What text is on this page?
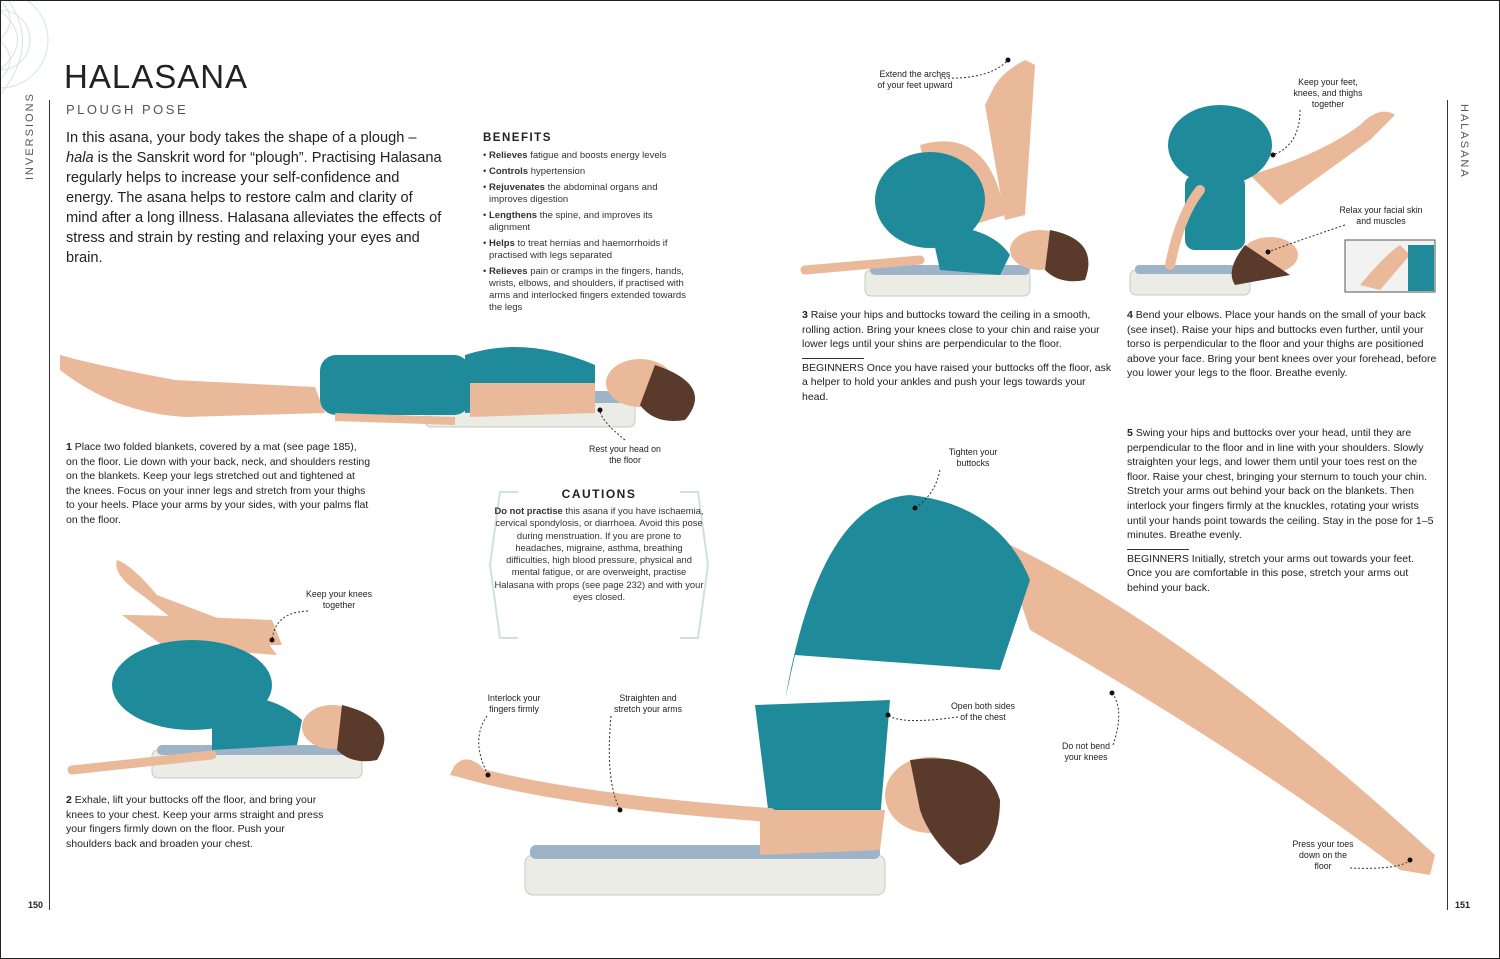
INVERSIONS	HALASANA
HALASANA
PLOUGH POSE
In this asana, your body takes the shape of a plough – hala is the Sanskrit word for “plough”. Practising Halasana regularly helps to increase your self-confidence and energy. The asana helps to restore calm and clarity of mind after a long illness. Halasana alleviates the effects of stress and strain by resting and relaxing your eyes and brain.
BENEFITS
• Relieves fatigue and boosts energy levels
• Controls hypertension
• Rejuvenates the abdominal organs and improves digestion
• Lengthens the spine, and improves its alignment
• Helps to treat hernias and haemorrhoids if practised with legs separated
• Relieves pain or cramps in the fingers, hands, wrists, elbows, and shoulders, if practised with arms and interlocked fingers extended towards the legs
1 Place two folded blankets, covered by a mat (see page 185), on the floor. Lie down with your back, neck, and shoulders resting on the blankets. Keep your legs stretched out and tightened at the knees. Focus on your inner legs and stretch from your thighs to your heels. Place your arms by your sides, with your palms flat on the floor.
Rest your head on the floor
Keep your knees together
2 Exhale, lift your buttocks off the floor, and bring your knees to your chest. Keep your arms straight and press your fingers firmly down on the floor. Push your shoulders back and broaden your chest.
CAUTIONS

Do not practise this asana if you have ischaemia, cervical spondylosis, or diarrhoea. Avoid this pose during menstruation. If you are prone to headaches, migraine, asthma, breathing difficulties, high blood pressure, physical and mental fatigue, or are overweight, practise Halasana with props (see page 232) and with your eyes closed.

Extend the arches of your feet upward
3 Raise your hips and buttocks toward the ceiling in a smooth, rolling action. Bring your knees close to your chin and raise your lower legs until your shins are perpendicular to the floor.
BEGINNERS Once you have raised your buttocks off the floor, ask a helper to hold your ankles and push your legs towards your head.
Keep your feet, knees, and thighs together
Relax your facial skin and muscles
4 Bend your elbows. Place your hands on the small of your back (see inset). Raise your hips and buttocks even further, until your torso is perpendicular to the floor and your thighs are positioned above your face. Bring your bent knees over your forehead, before you lower your legs to the floor. Breathe evenly.
5 Swing your hips and buttocks over your head, until they are perpendicular to the floor and in line with your shoulders. Slowly straighten your legs, and lower them until your toes rest on the floor. Raise your chest, bringing your sternum to touch your chin. Stretch your arms out behind your back on the blankets. Then interlock your fingers firmly at the knuckles, rotating your wrists until your hands point towards the ceiling. Stay in the pose for 1–5 minutes. Breathe evenly.
BEGINNERS Initially, stretch your arms out towards your feet. Once you are comfortable in this pose, stretch your arms out behind your back.
Tighten your buttocks
Open both sides of the chest
Do not bend your knees
Interlock your fingers firmly
Straighten and stretch your arms
Press your toes down on the floor
150	151
